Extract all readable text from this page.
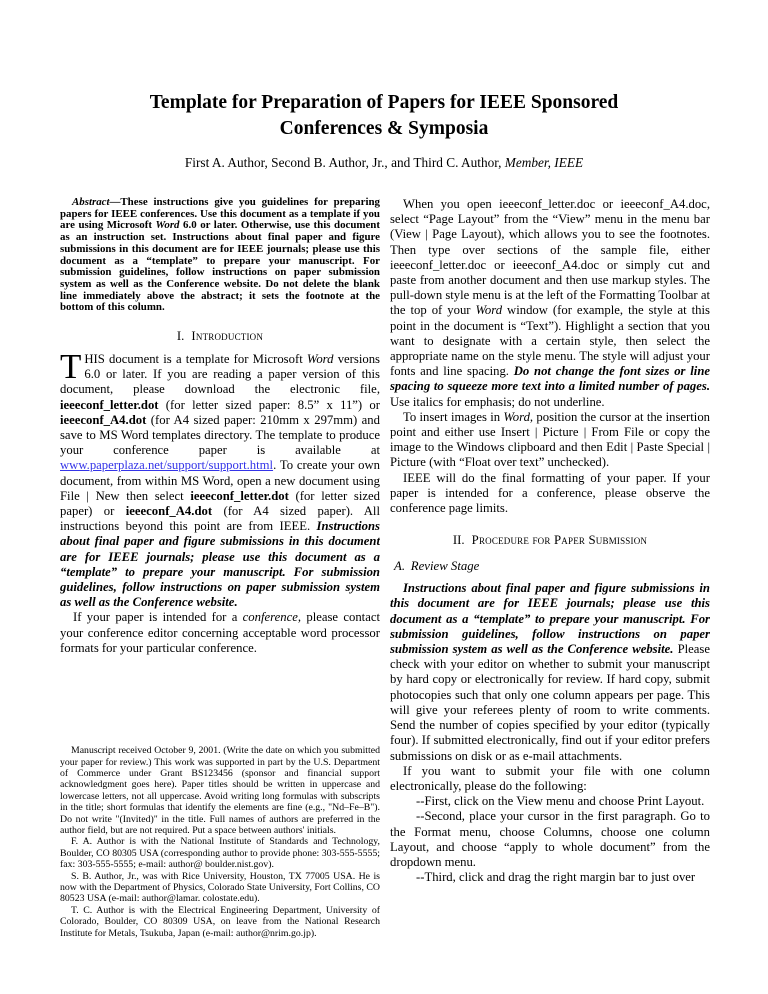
Template for Preparation of Papers for IEEE Sponsored
Conferences & Symposia
First A. Author, Second B. Author, Jr., and Third C. Author, Member, IEEE

Abstract—These instructions give you guidelines for preparing papers for IEEE conferences. Use this document as a template if you are using Microsoft Word 6.0 or later. Otherwise, use this document as an instruction set. Instructions about final paper and figure submissions in this document are for IEEE journals; please use this document as a “template” to prepare your manuscript. For submission guidelines, follow instructions on paper submission system as well as the Conference website. Do not delete the blank line immediately above the abstract; it sets the footnote at the bottom of this column.

I. Introduction

THIS document is a template for Microsoft Word versions 6.0 or later. If you are reading a paper version of this document, please download the electronic file, ieeeconf_letter.dot (for letter sized paper: 8.5” x 11”) or ieeeconf_A4.dot (for A4 sized paper: 210mm x 297mm) and save to MS Word templates directory. The template to produce your conference paper is available at www.paperplaza.net/support/support.html. To create your own document, from within MS Word, open a new document using File | New then select ieeeconf_letter.dot (for letter sized paper) or ieeeconf_A4.dot (for A4 sized paper). All instructions beyond this point are from IEEE. Instructions about final paper and figure submissions in this document are for IEEE journals; please use this document as a “template” to prepare your manuscript. For submission guidelines, follow instructions on paper submission system as well as the Conference website.

If your paper is intended for a conference, please contact your conference editor concerning acceptable word processor formats for your particular conference.

Manuscript received October 9, 2001. (Write the date on which you submitted your paper for review.) This work was supported in part by the U.S. Department of Commerce under Grant BS123456 (sponsor and financial support acknowledgment goes here). Paper titles should be written in uppercase and lowercase letters, not all uppercase. Avoid writing long formulas with subscripts in the title; short formulas that identify the elements are fine (e.g., "Nd–Fe–B"). Do not write "(Invited)" in the title. Full names of authors are preferred in the author field, but are not required. Put a space between authors' initials.

F. A. Author is with the National Institute of Standards and Technology, Boulder, CO 80305 USA (corresponding author to provide phone: 303-555-5555; fax: 303-555-5555; e-mail: author@ boulder.nist.gov).

S. B. Author, Jr., was with Rice University, Houston, TX 77005 USA. He is now with the Department of Physics, Colorado State University, Fort Collins, CO 80523 USA (e-mail: author@lamar. colostate.edu).

T. C. Author is with the Electrical Engineering Department, University of Colorado, Boulder, CO 80309 USA, on leave from the National Research Institute for Metals, Tsukuba, Japan (e-mail: author@nrim.go.jp).

When you open ieeeconf_letter.doc or ieeeconf_A4.doc, select “Page Layout” from the “View” menu in the menu bar (View | Page Layout), which allows you to see the footnotes. Then type over sections of the sample file, either ieeeconf_letter.doc or ieeeconf_A4.doc or simply cut and paste from another document and then use markup styles. The pull-down style menu is at the left of the Formatting Toolbar at the top of your Word window (for example, the style at this point in the document is “Text”). Highlight a section that you want to designate with a certain style, then select the appropriate name on the style menu. The style will adjust your fonts and line spacing. Do not change the font sizes or line spacing to squeeze more text into a limited number of pages. Use italics for emphasis; do not underline.

To insert images in Word, position the cursor at the insertion point and either use Insert | Picture | From File or copy the image to the Windows clipboard and then Edit | Paste Special | Picture (with “Float over text” unchecked).

IEEE will do the final formatting of your paper. If your paper is intended for a conference, please observe the conference page limits.

II. Procedure for Paper Submission
A. Review Stage

Instructions about final paper and figure submissions in this document are for IEEE journals; please use this document as a “template” to prepare your manuscript. For submission guidelines, follow instructions on paper submission system as well as the Conference website. Please check with your editor on whether to submit your manuscript by hard copy or electronically for review. If hard copy, submit photocopies such that only one column appears per page. This will give your referees plenty of room to write comments. Send the number of copies specified by your editor (typically four). If submitted electronically, find out if your editor prefers submissions on disk or as e-mail attachments.

If you want to submit your file with one column electronically, please do the following:

--First, click on the View menu and choose Print Layout.

--Second, place your cursor in the first paragraph. Go to the Format menu, choose Columns, choose one column Layout, and choose “apply to whole document” from the dropdown menu.

--Third, click and drag the right margin bar to just over
